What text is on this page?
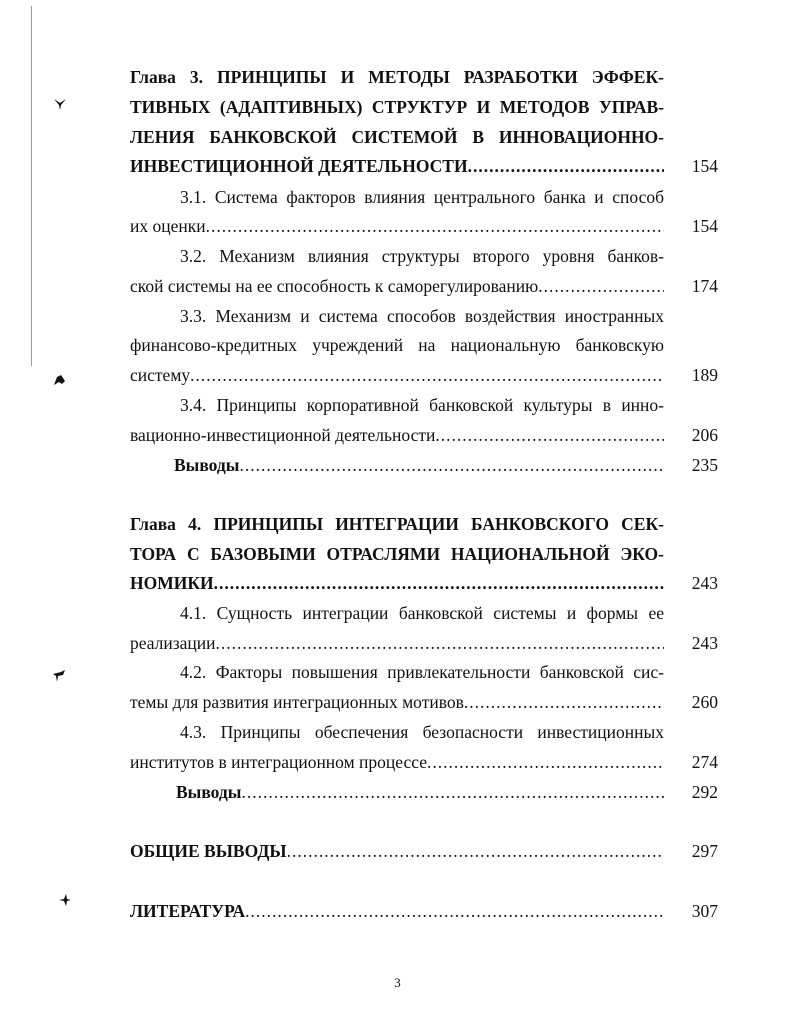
Глава 3. ПРИНЦИПЫ И МЕТОДЫ РАЗРАБОТКИ ЭФФЕК-
ТИВНЫХ (АДАПТИВНЫХ) СТРУКТУР И МЕТОДОВ УПРАВ-
ЛЕНИЯ БАНКОВСКОЙ СИСТЕМОЙ В ИННОВАЦИОННО-
ИНВЕСТИЦИОННОЙ ДЕЯТЕЛЬНОСТИ .....	154
3.1. Система факторов влияния центрального банка и способ
их оценки .....	154
3.2. Механизм влияния структуры второго уровня банков-
ской системы на ее способность к саморегулированию .....	174
3.3. Механизм и система способов воздействия иностранных
финансово-кредитных учреждений на национальную банковскую
систему .....	189
3.4. Принципы корпоративной банковской культуры в инно-
вационно-инвестиционной деятельности .....	206
Выводы .....	235
Глава 4. ПРИНЦИПЫ ИНТЕГРАЦИИ БАНКОВСКОГО СЕК-
ТОРА С БАЗОВЫМИ ОТРАСЛЯМИ НАЦИОНАЛЬНОЙ ЭКО-
НОМИКИ .....	243
4.1. Сущность интеграции банковской системы и формы ее
реализации .....	243
4.2. Факторы повышения привлекательности банковской сис-
темы для развития интеграционных мотивов .....	260
4.3. Принципы обеспечения безопасности инвестиционных
институтов в интеграционном процессе .....	274
Выводы .....	292
ОБЩИЕ ВЫВОДЫ .....	297
ЛИТЕРАТУРА .....	307
3
